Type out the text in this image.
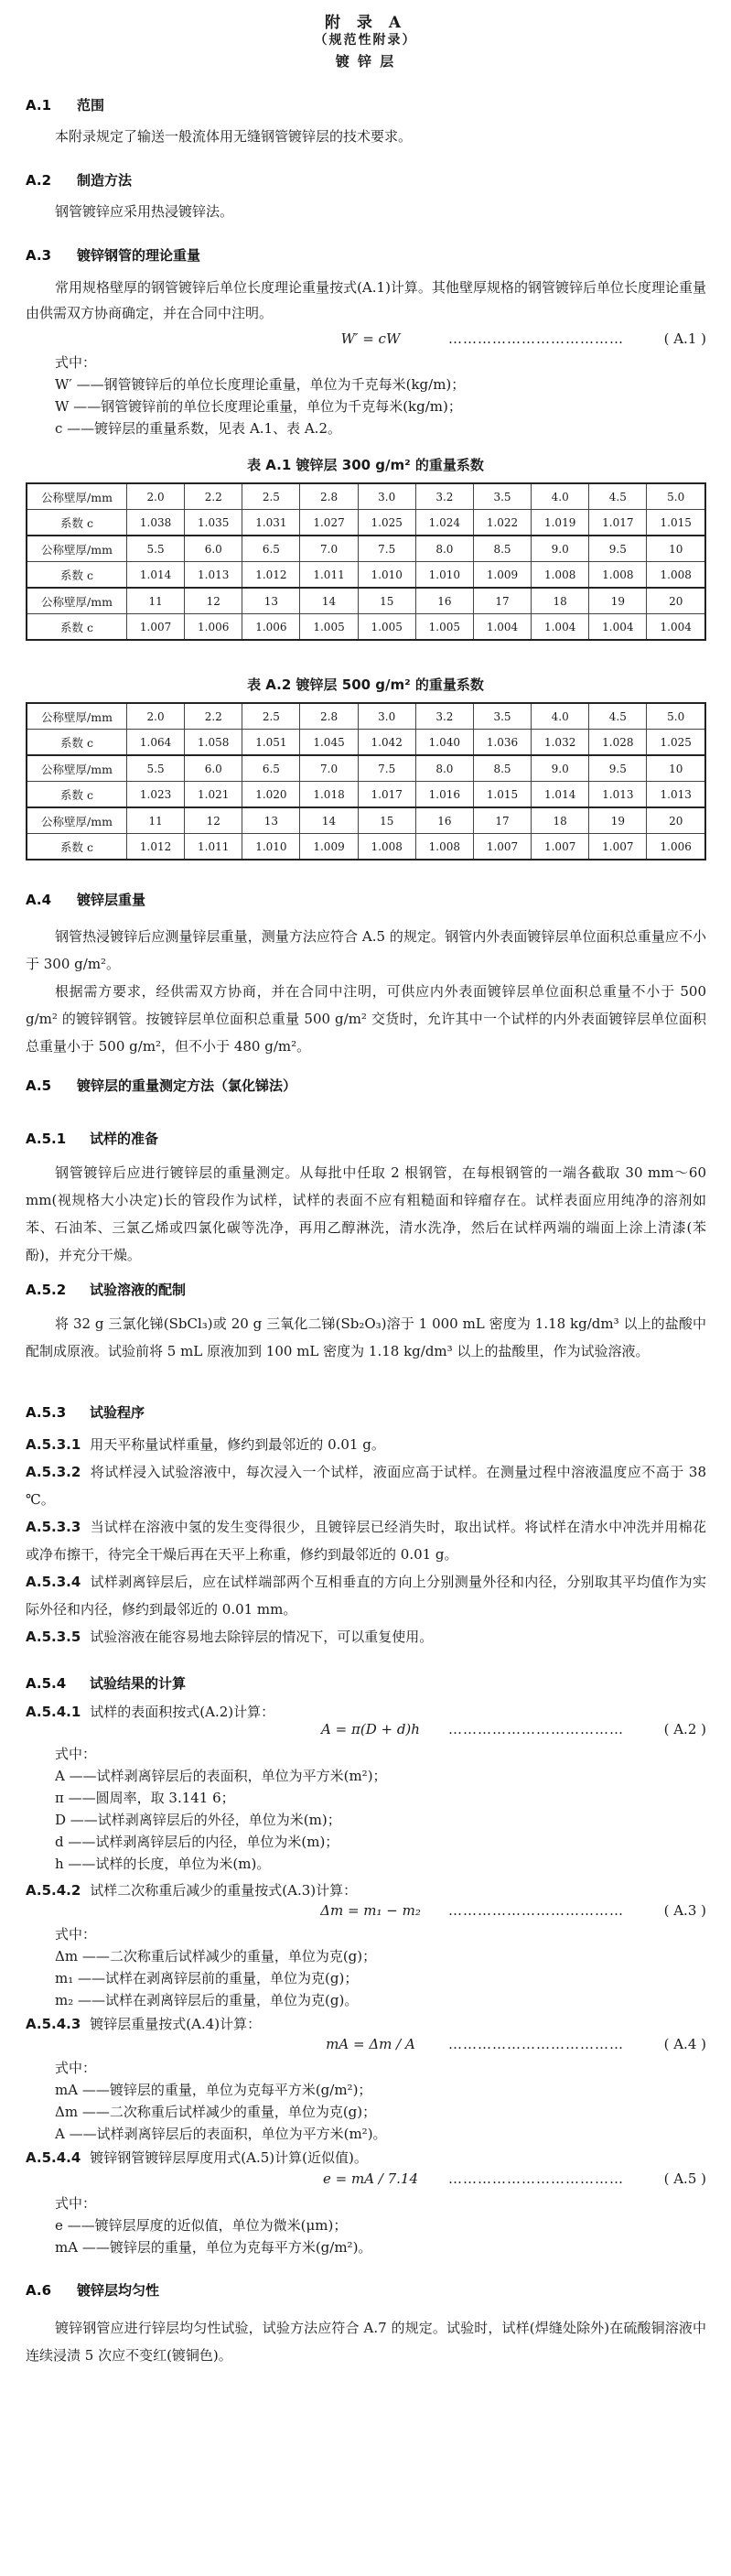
附 录 A
（规范性附录）
镀 锌 层
A.1 范围
本附录规定了输送一般流体用无缝钢管镀锌层的技术要求。
A.2 制造方法
钢管镀锌应采用热浸镀锌法。
A.3 镀锌钢管的理论重量
常用规格壁厚的钢管镀锌后单位长度理论重量按式(A.1)计算。其他壁厚规格的钢管镀锌后单位长度理论重量由供需双方协商确定，并在合同中注明。
W′ = cW	………………………………	( A.1 )
式中：
W′ ——钢管镀锌后的单位长度理论重量，单位为千克每米(kg/m)；
W ——钢管镀锌前的单位长度理论重量，单位为千克每米(kg/m)；
c ——镀锌层的重量系数，见表 A.1、表 A.2。
表 A.1 镀锌层 300 g/m² 的重量系数
公称壁厚/mm	2.0	2.2	2.5	2.8	3.0	3.2	3.5	4.0	4.5	5.0
系数 c	1.038	1.035	1.031	1.027	1.025	1.024	1.022	1.019	1.017	1.015
公称壁厚/mm	5.5	6.0	6.5	7.0	7.5	8.0	8.5	9.0	9.5	10
系数 c	1.014	1.013	1.012	1.011	1.010	1.010	1.009	1.008	1.008	1.008
公称壁厚/mm	11	12	13	14	15	16	17	18	19	20
系数 c	1.007	1.006	1.006	1.005	1.005	1.005	1.004	1.004	1.004	1.004
表 A.2 镀锌层 500 g/m² 的重量系数
公称壁厚/mm	2.0	2.2	2.5	2.8	3.0	3.2	3.5	4.0	4.5	5.0
系数 c	1.064	1.058	1.051	1.045	1.042	1.040	1.036	1.032	1.028	1.025
公称壁厚/mm	5.5	6.0	6.5	7.0	7.5	8.0	8.5	9.0	9.5	10
系数 c	1.023	1.021	1.020	1.018	1.017	1.016	1.015	1.014	1.013	1.013
公称壁厚/mm	11	12	13	14	15	16	17	18	19	20
系数 c	1.012	1.011	1.010	1.009	1.008	1.008	1.007	1.007	1.007	1.006
A.4 镀锌层重量
钢管热浸镀锌后应测量锌层重量，测量方法应符合 A.5 的规定。钢管内外表面镀锌层单位面积总重量应不小于 300 g/m²。
根据需方要求，经供需双方协商，并在合同中注明，可供应内外表面镀锌层单位面积总重量不小于 500 g/m² 的镀锌钢管。按镀锌层单位面积总重量 500 g/m² 交货时，允许其中一个试样的内外表面镀锌层单位面积总重量小于 500 g/m²，但不小于 480 g/m²。
A.5 镀锌层的重量测定方法（氯化锑法）
A.5.1 试样的准备
钢管镀锌后应进行镀锌层的重量测定。从每批中任取 2 根钢管，在每根钢管的一端各截取 30 mm～60 mm(视规格大小决定)长的管段作为试样，试样的表面不应有粗糙面和锌瘤存在。试样表面应用纯净的溶剂如苯、石油苯、三氯乙烯或四氯化碳等洗净，再用乙醇淋洗，清水洗净，然后在试样两端的端面上涂上清漆(苯酚)，并充分干燥。
A.5.2 试验溶液的配制
将 32 g 三氯化锑(SbCl₃)或 20 g 三氧化二锑(Sb₂O₃)溶于 1 000 mL 密度为 1.18 kg/dm³ 以上的盐酸中配制成原液。试验前将 5 mL 原液加到 100 mL 密度为 1.18 kg/dm³ 以上的盐酸里，作为试验溶液。
A.5.3 试验程序
A.5.3.1 用天平称量试样重量，修约到最邻近的 0.01 g。
A.5.3.2 将试样浸入试验溶液中，每次浸入一个试样，液面应高于试样。在测量过程中溶液温度应不高于 38 ℃。
A.5.3.3 当试样在溶液中氢的发生变得很少，且镀锌层已经消失时，取出试样。将试样在清水中冲洗并用棉花或净布擦干，待完全干燥后再在天平上称重，修约到最邻近的 0.01 g。
A.5.3.4 试样剥离锌层后，应在试样端部两个互相垂直的方向上分别测量外径和内径，分别取其平均值作为实际外径和内径，修约到最邻近的 0.01 mm。
A.5.3.5 试验溶液在能容易地去除锌层的情况下，可以重复使用。
A.5.4 试验结果的计算
A.5.4.1 试样的表面积按式(A.2)计算：
A = π(D + d)h ………………………………	( A.2 )
式中：
A ——试样剥离锌层后的表面积，单位为平方米(m²)；
π ——圆周率，取 3.141 6；
D ——试样剥离锌层后的外径，单位为米(m)；
d ——试样剥离锌层后的内径，单位为米(m)；
h ——试样的长度，单位为米(m)。
A.5.4.2 试样二次称重后减少的重量按式(A.3)计算：
Δm = m₁ − m₂ ………………………………	( A.3 )
式中：
Δm ——二次称重后试样减少的重量，单位为克(g)；
m₁ ——试样在剥离锌层前的重量，单位为克(g)；
m₂ ——试样在剥离锌层后的重量，单位为克(g)。
A.5.4.3 镀锌层重量按式(A.4)计算：
mA = Δm / A ………………………………	( A.4 )
式中：
mA ——镀锌层的重量，单位为克每平方米(g/m²)；
Δm ——二次称重后试样减少的重量，单位为克(g)；
A ——试样剥离锌层后的表面积，单位为平方米(m²)。
A.5.4.4 镀锌钢管镀锌层厚度用式(A.5)计算(近似值)。
e = mA / 7.14 ………………………………	( A.5 )
式中：
e ——镀锌层厚度的近似值，单位为微米(μm)；
mA ——镀锌层的重量，单位为克每平方米(g/m²)。
A.6 镀锌层均匀性
镀锌钢管应进行锌层均匀性试验，试验方法应符合 A.7 的规定。试验时，试样(焊缝处除外)在硫酸铜溶液中连续浸渍 5 次应不变红(镀铜色)。
